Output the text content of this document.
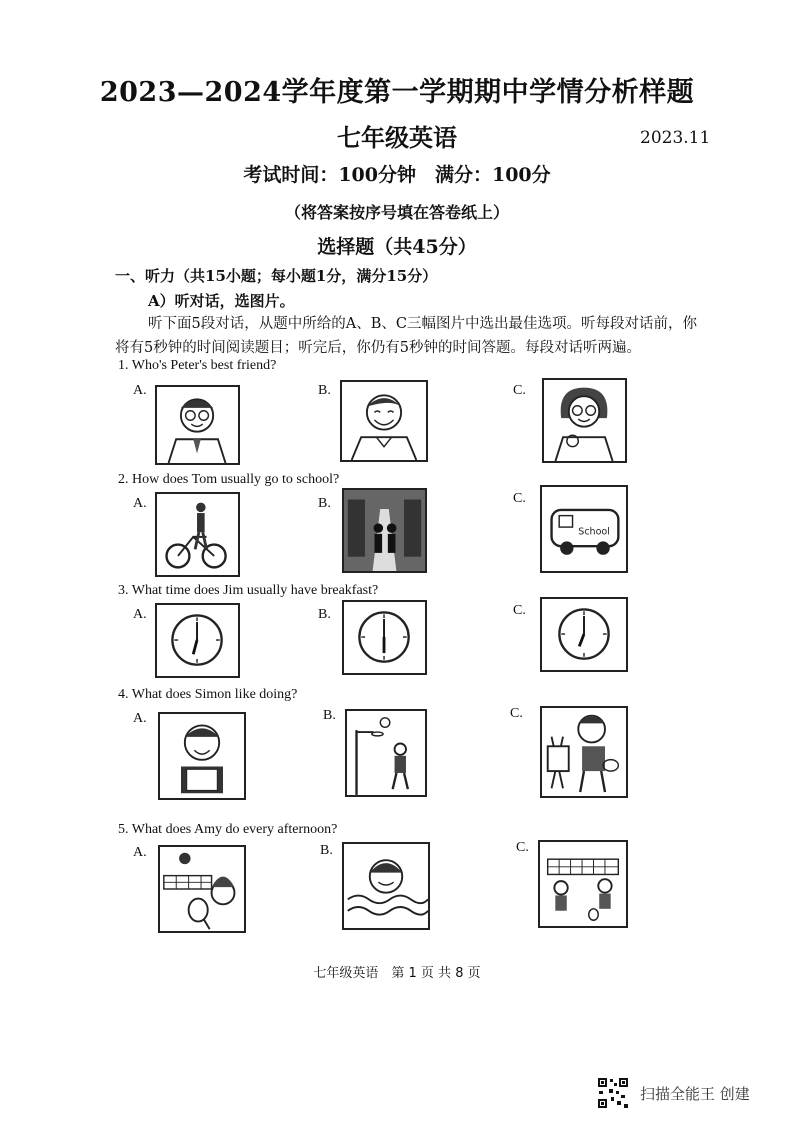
2023—2024学年度第一学期期中学情分析样题
七年级英语	2023.11
考试时间：100分钟　满分：100分
（将答案按序号填在答卷纸上）
选择题（共45分）
一、听力（共15小题；每小题1分，满分15分）
A）听对话，选图片。
听下面5段对话，从题中所给的A、B、C三幅图片中选出最佳选项。听每段对话前，你将有5秒钟的时间阅读题目；听完后，你仍有5秒钟的时间答题。每段对话听两遍。
1. Who's Peter's best friend?
A.	B.	C.
2. How does Tom usually go to school?
A.	B.	C.
School
3. What time does Jim usually have breakfast?
A.	B.	C.
4. What does Simon like doing?
A.	B.	C.
5. What does Amy do every afternoon?
A.	B.	C.
七年级英语　第 1 页 共 8 页
扫描全能王 创建
